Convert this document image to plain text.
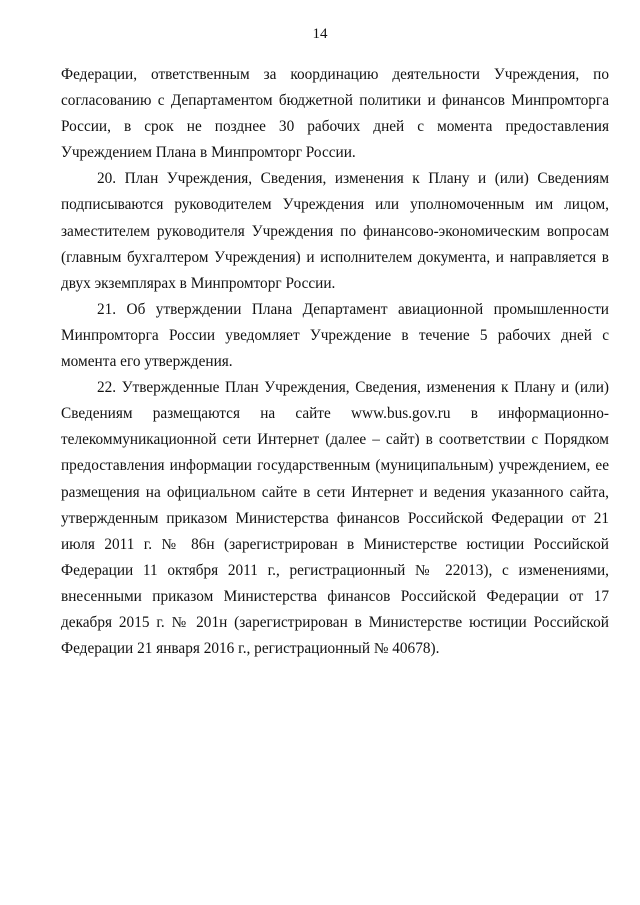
14

Федерации, ответственным за координацию деятельности Учреждения, по согласованию с Департаментом бюджетной политики и финансов Минпромторга России, в срок не позднее 30 рабочих дней с момента предоставления Учреждением Плана в Минпромторг России.

20. План Учреждения, Сведения, изменения к Плану и (или) Сведениям подписываются руководителем Учреждения или уполномоченным им лицом, заместителем руководителя Учреждения по финансово-экономическим вопросам (главным бухгалтером Учреждения) и исполнителем документа, и направляется в двух экземплярах в Минпромторг России.

21. Об утверждении Плана Департамент авиационной промышленности Минпромторга России уведомляет Учреждение в течение 5 рабочих дней с момента его утверждения.

22. Утвержденные План Учреждения, Сведения, изменения к Плану и (или) Сведениям размещаются на сайте www.bus.gov.ru в информационно-телекоммуникационной сети Интернет (далее – сайт) в соответствии с Порядком предоставления информации государственным (муниципальным) учреждением, ее размещения на официальном сайте в сети Интернет и ведения указанного сайта, утвержденным приказом Министерства финансов Российской Федерации от 21 июля 2011 г. № 86н (зарегистрирован в Министерстве юстиции Российской Федерации 11 октября 2011 г., регистрационный № 22013), с изменениями, внесенными приказом Министерства финансов Российской Федерации от 17 декабря 2015 г. № 201н (зарегистрирован в Министерстве юстиции Российской Федерации 21 января 2016 г., регистрационный № 40678).
